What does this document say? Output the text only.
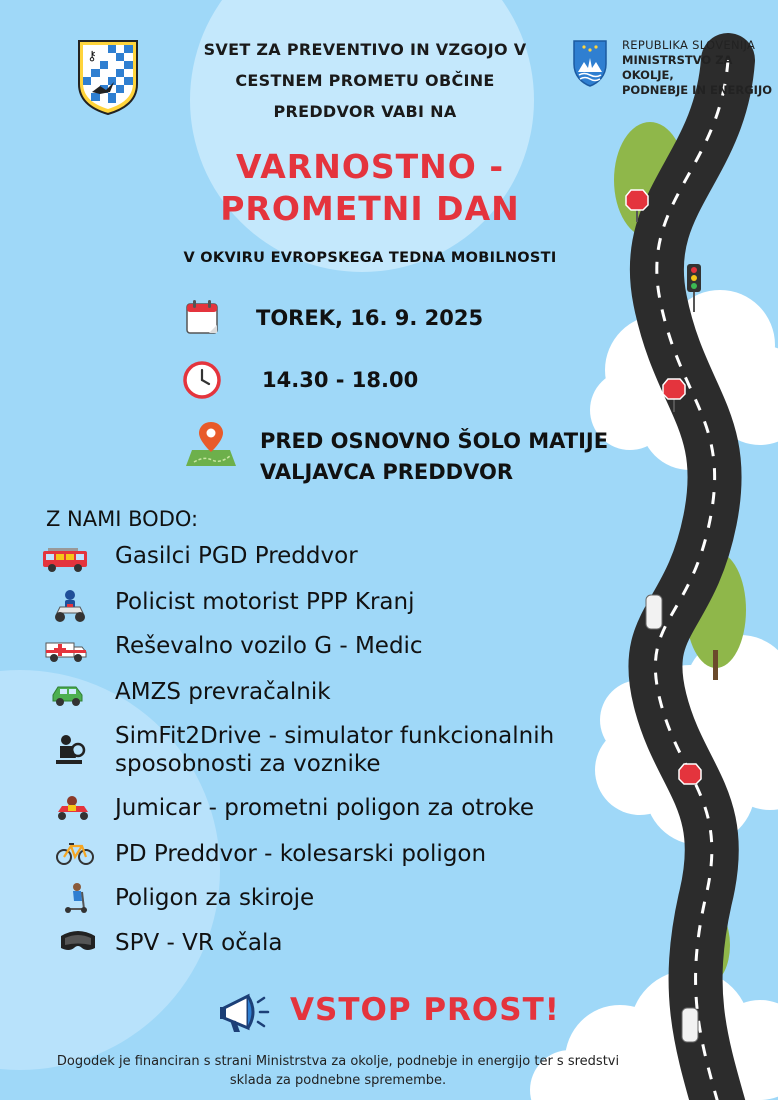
⚷
REPUBLIKA SLOVENIJA
MINISTRSTVO ZA OKOLJE,
PODNEBJE IN ENERGIJO
SVET ZA PREVENTIVO IN VZGOJO V
CESTNEM PROMETU OBČINE
PREDDVOR VABI NA
VARNOSTNO -
PROMETNI DAN
V OKVIRU EVROPSKEGA TEDNA MOBILNOSTI
TOREK, 16. 9. 2025
14.30 - 18.00
PRED OSNOVNO ŠOLO MATIJE
VALJAVCA PREDDVOR
Z NAMI BODO:
Gasilci PGD Preddvor
Policist motorist PPP Kranj
Reševalno vozilo G - Medic
AMZS prevračalnik
SimFit2Drive - simulator funkcionalnih
sposobnosti za voznike
Jumicar - prometni poligon za otroke
PD Preddvor - kolesarski poligon
Poligon za skiroje
SPV - VR očala
VSTOP PROST!
Dogodek je financiran s strani Ministrstva za okolje, podnebje in energijo ter s sredstvi
sklada za podnebne spremembe.
